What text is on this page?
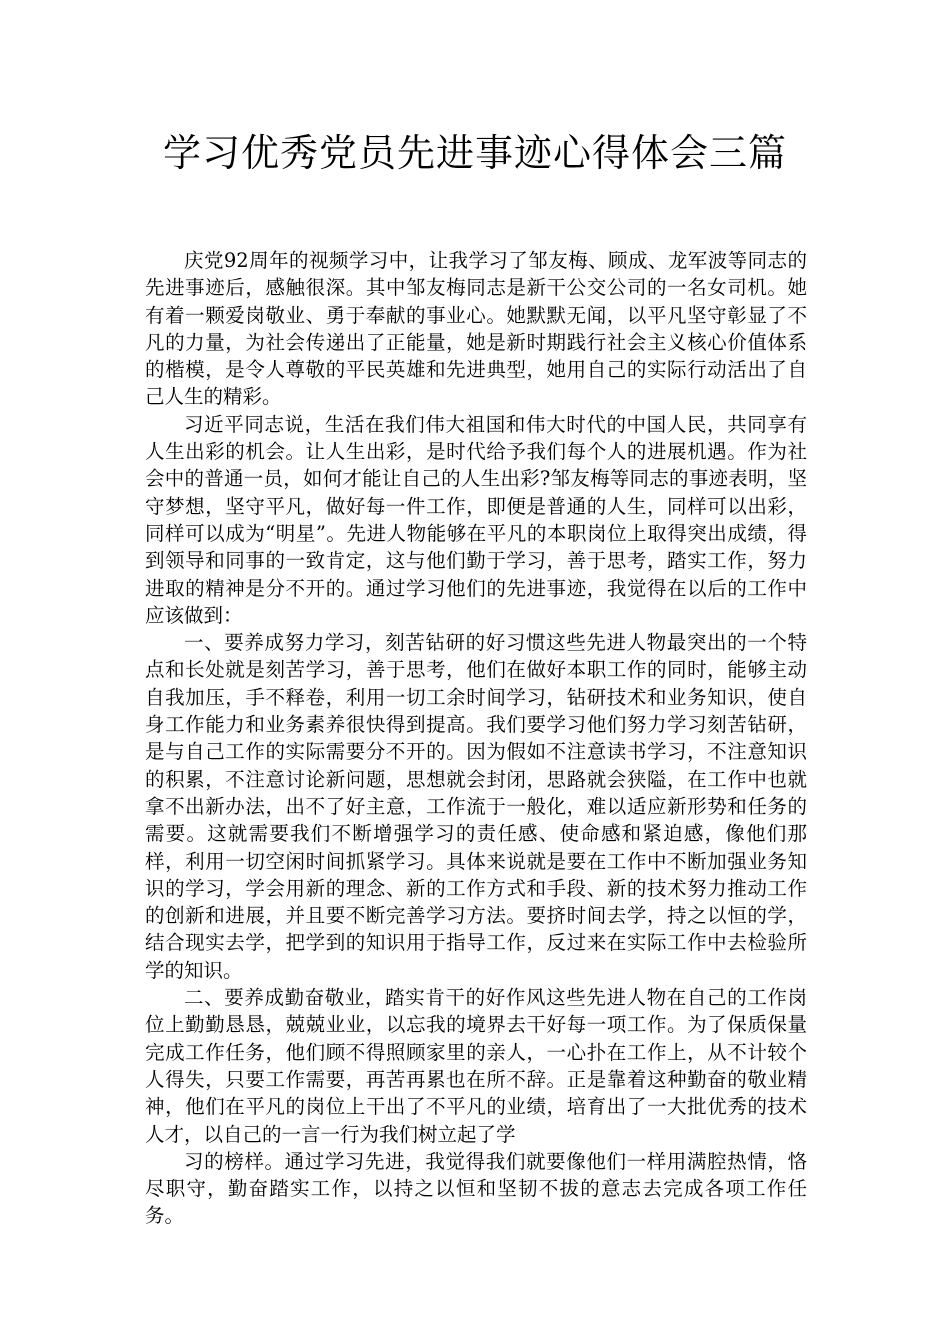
学习优秀党员先进事迹心得体会三篇

庆党92周年的视频学习中，让我学习了邹友梅、顾成、龙军波等同志的先进事迹后，感触很深。其中邹友梅同志是新干公交公司的一名女司机。她有着一颗爱岗敬业、勇于奉献的事业心。她默默无闻，以平凡坚守彰显了不凡的力量，为社会传递出了正能量，她是新时期践行社会主义核心价值体系的楷模，是令人尊敬的平民英雄和先进典型，她用自己的实际行动活出了自己人生的精彩。

习近平同志说，生活在我们伟大祖国和伟大时代的中国人民，共同享有人生出彩的机会。让人生出彩，是时代给予我们每个人的进展机遇。作为社会中的普通一员，如何才能让自己的人生出彩?邹友梅等同志的事迹表明，坚守梦想，坚守平凡，做好每一件工作，即便是普通的人生，同样可以出彩，同样可以成为“明星”。先进人物能够在平凡的本职岗位上取得突出成绩，得到领导和同事的一致肯定，这与他们勤于学习，善于思考，踏实工作，努力进取的精神是分不开的。通过学习他们的先进事迹，我觉得在以后的工作中应该做到：

一、要养成努力学习，刻苦钻研的好习惯这些先进人物最突出的一个特点和长处就是刻苦学习，善于思考，他们在做好本职工作的同时，能够主动自我加压，手不释卷，利用一切工余时间学习，钻研技术和业务知识，使自身工作能力和业务素养很快得到提高。我们要学习他们努力学习刻苦钻研，是与自己工作的实际需要分不开的。因为假如不注意读书学习，不注意知识的积累，不注意讨论新问题，思想就会封闭，思路就会狭隘，在工作中也就拿不出新办法，出不了好主意，工作流于一般化，难以适应新形势和任务的需要。这就需要我们不断增强学习的责任感、使命感和紧迫感，像他们那样，利用一切空闲时间抓紧学习。具体来说就是要在工作中不断加强业务知识的学习，学会用新的理念、新的工作方式和手段、新的技术努力推动工作的创新和进展，并且要不断完善学习方法。要挤时间去学，持之以恒的学，结合现实去学，把学到的知识用于指导工作，反过来在实际工作中去检验所学的知识。

二、要养成勤奋敬业，踏实肯干的好作风这些先进人物在自己的工作岗位上勤勤恳恳，兢兢业业，以忘我的境界去干好每一项工作。为了保质保量完成工作任务，他们顾不得照顾家里的亲人，一心扑在工作上，从不计较个人得失，只要工作需要，再苦再累也在所不辞。正是靠着这种勤奋的敬业精神，他们在平凡的岗位上干出了不平凡的业绩，培育出了一大批优秀的技术人才，以自己的一言一行为我们树立起了学

习的榜样。通过学习先进，我觉得我们就要像他们一样用满腔热情，恪尽职守，勤奋踏实工作，以持之以恒和坚韧不拔的意志去完成各项工作任务。
